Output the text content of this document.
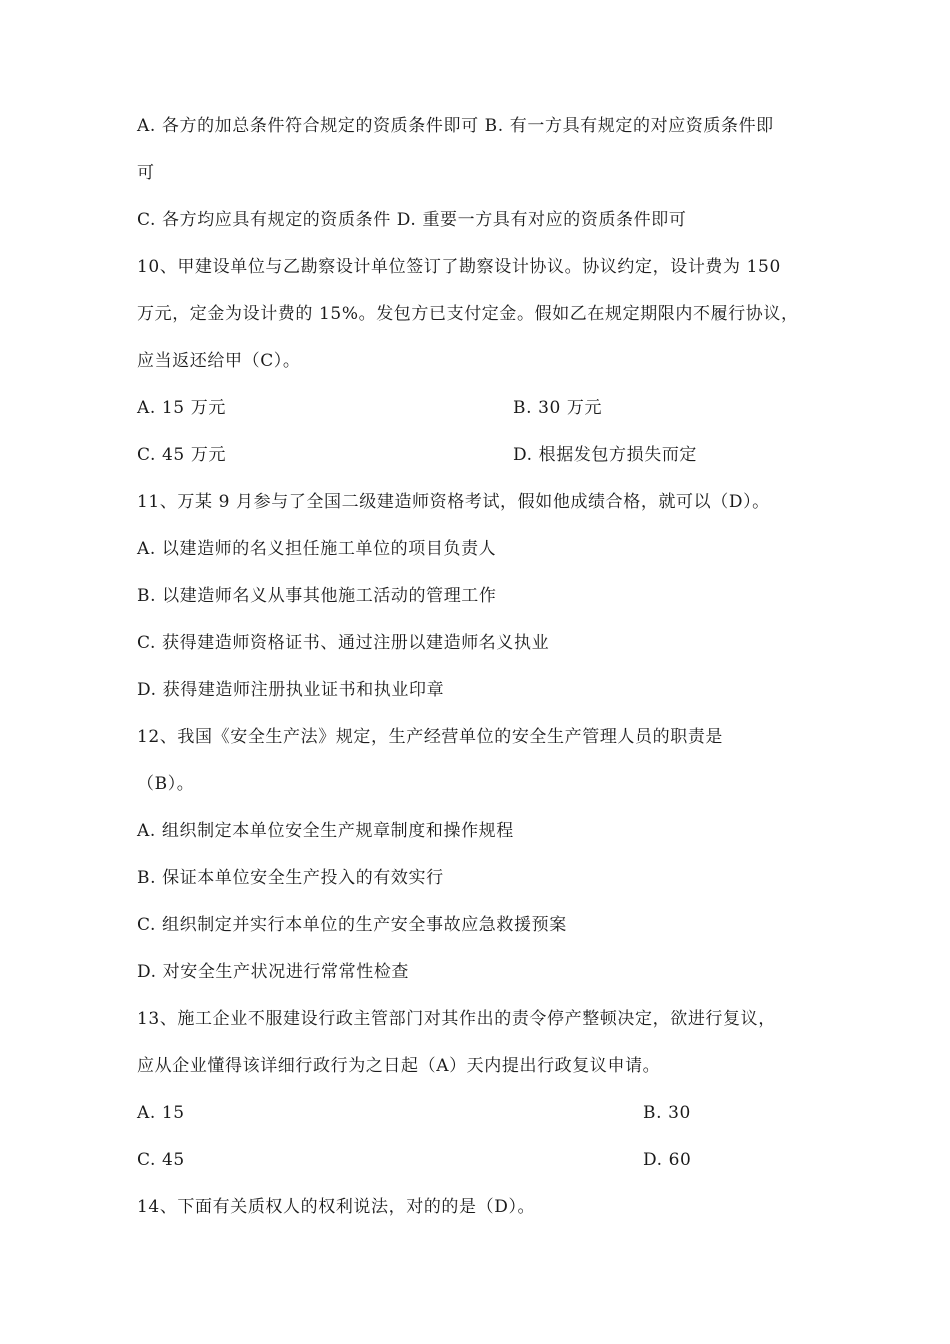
A. 各方的加总条件符合规定的资质条件即可 B. 有一方具有规定的对应资质条件即
可
C. 各方均应具有规定的资质条件 D. 重要一方具有对应的资质条件即可
10、甲建设单位与乙勘察设计单位签订了勘察设计协议。协议约定，设计费为 150
万元，定金为设计费的 15%。发包方已支付定金。假如乙在规定期限内不履行协议，
应当返还给甲（C）。
A. 15 万元	B. 30 万元
C. 45 万元	D. 根据发包方损失而定
11、万某 9 月参与了全国二级建造师资格考试，假如他成绩合格，就可以（D）。
A. 以建造师的名义担任施工单位的项目负责人
B. 以建造师名义从事其他施工活动的管理工作
C. 获得建造师资格证书、通过注册以建造师名义执业
D. 获得建造师注册执业证书和执业印章
12、我国《安全生产法》规定，生产经营单位的安全生产管理人员的职责是
（B）。
A. 组织制定本单位安全生产规章制度和操作规程
B. 保证本单位安全生产投入的有效实行
C. 组织制定并实行本单位的生产安全事故应急救援预案
D. 对安全生产状况进行常常性检查
13、施工企业不服建设行政主管部门对其作出的责令停产整顿决定，欲进行复议，
应从企业懂得该详细行政行为之日起（A）天内提出行政复议申请。
A. 15	B. 30
C. 45	D. 60
14、下面有关质权人的权利说法，对的的是（D）。
